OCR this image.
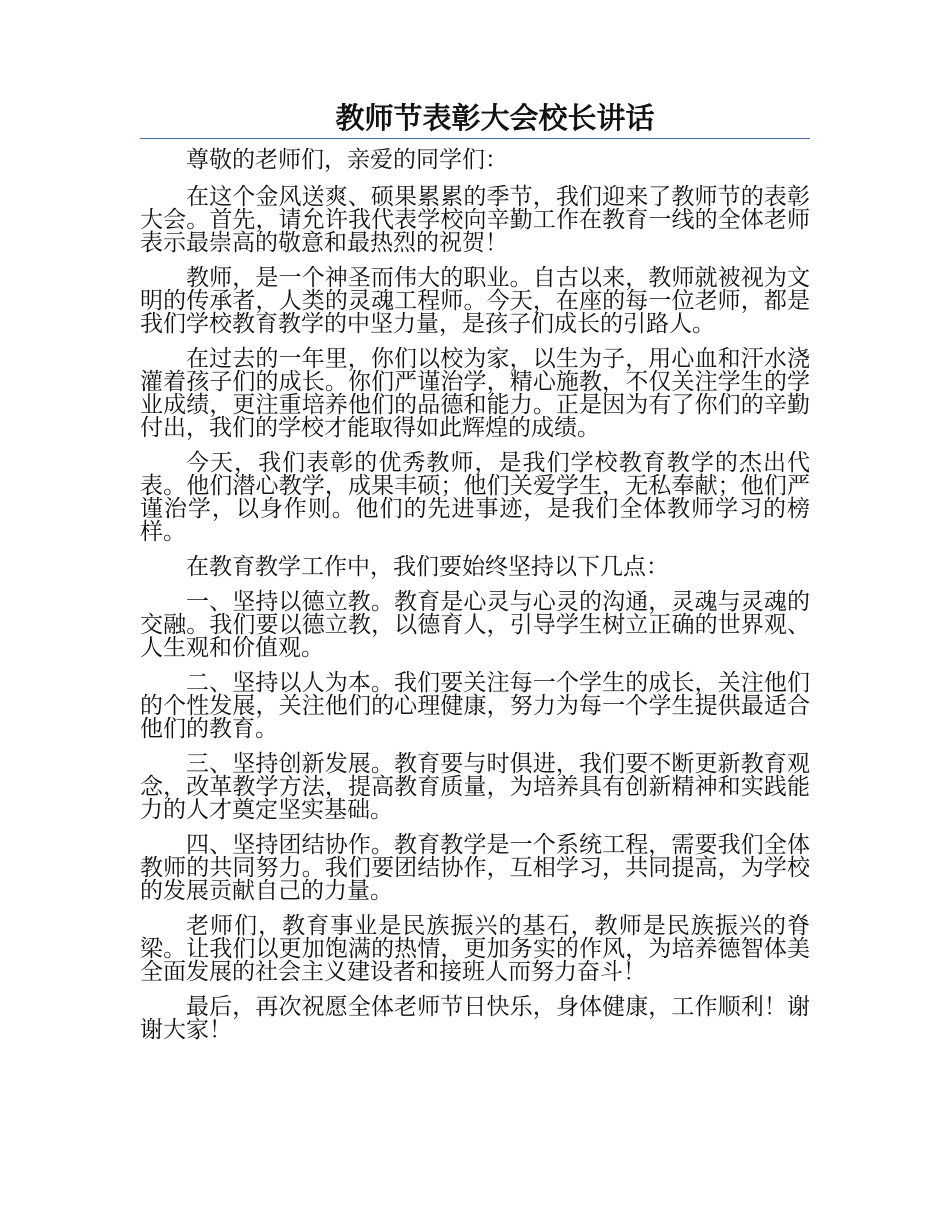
教师节表彰大会校长讲话

尊敬的老师们，亲爱的同学们：

在这个金风送爽、硕果累累的季节，我们迎来了教师节的表彰大会。首先，请允许我代表学校向辛勤工作在教育一线的全体老师表示最崇高的敬意和最热烈的祝贺！

教师，是一个神圣而伟大的职业。自古以来，教师就被视为文明的传承者，人类的灵魂工程师。今天，在座的每一位老师，都是我们学校教育教学的中坚力量，是孩子们成长的引路人。

在过去的一年里，你们以校为家，以生为子，用心血和汗水浇灌着孩子们的成长。你们严谨治学，精心施教，不仅关注学生的学业成绩，更注重培养他们的品德和能力。正是因为有了你们的辛勤付出，我们的学校才能取得如此辉煌的成绩。

今天，我们表彰的优秀教师，是我们学校教育教学的杰出代表。他们潜心教学，成果丰硕；他们关爱学生，无私奉献；他们严谨治学，以身作则。他们的先进事迹，是我们全体教师学习的榜样。

在教育教学工作中，我们要始终坚持以下几点：

一、坚持以德立教。教育是心灵与心灵的沟通，灵魂与灵魂的交融。我们要以德立教，以德育人，引导学生树立正确的世界观、人生观和价值观。

二、坚持以人为本。我们要关注每一个学生的成长，关注他们的个性发展，关注他们的心理健康，努力为每一个学生提供最适合他们的教育。

三、坚持创新发展。教育要与时俱进，我们要不断更新教育观念，改革教学方法，提高教育质量，为培养具有创新精神和实践能力的人才奠定坚实基础。

四、坚持团结协作。教育教学是一个系统工程，需要我们全体教师的共同努力。我们要团结协作，互相学习，共同提高，为学校的发展贡献自己的力量。

老师们，教育事业是民族振兴的基石，教师是民族振兴的脊梁。让我们以更加饱满的热情，更加务实的作风，为培养德智体美全面发展的社会主义建设者和接班人而努力奋斗！

最后，再次祝愿全体老师节日快乐，身体健康，工作顺利！谢谢大家！
